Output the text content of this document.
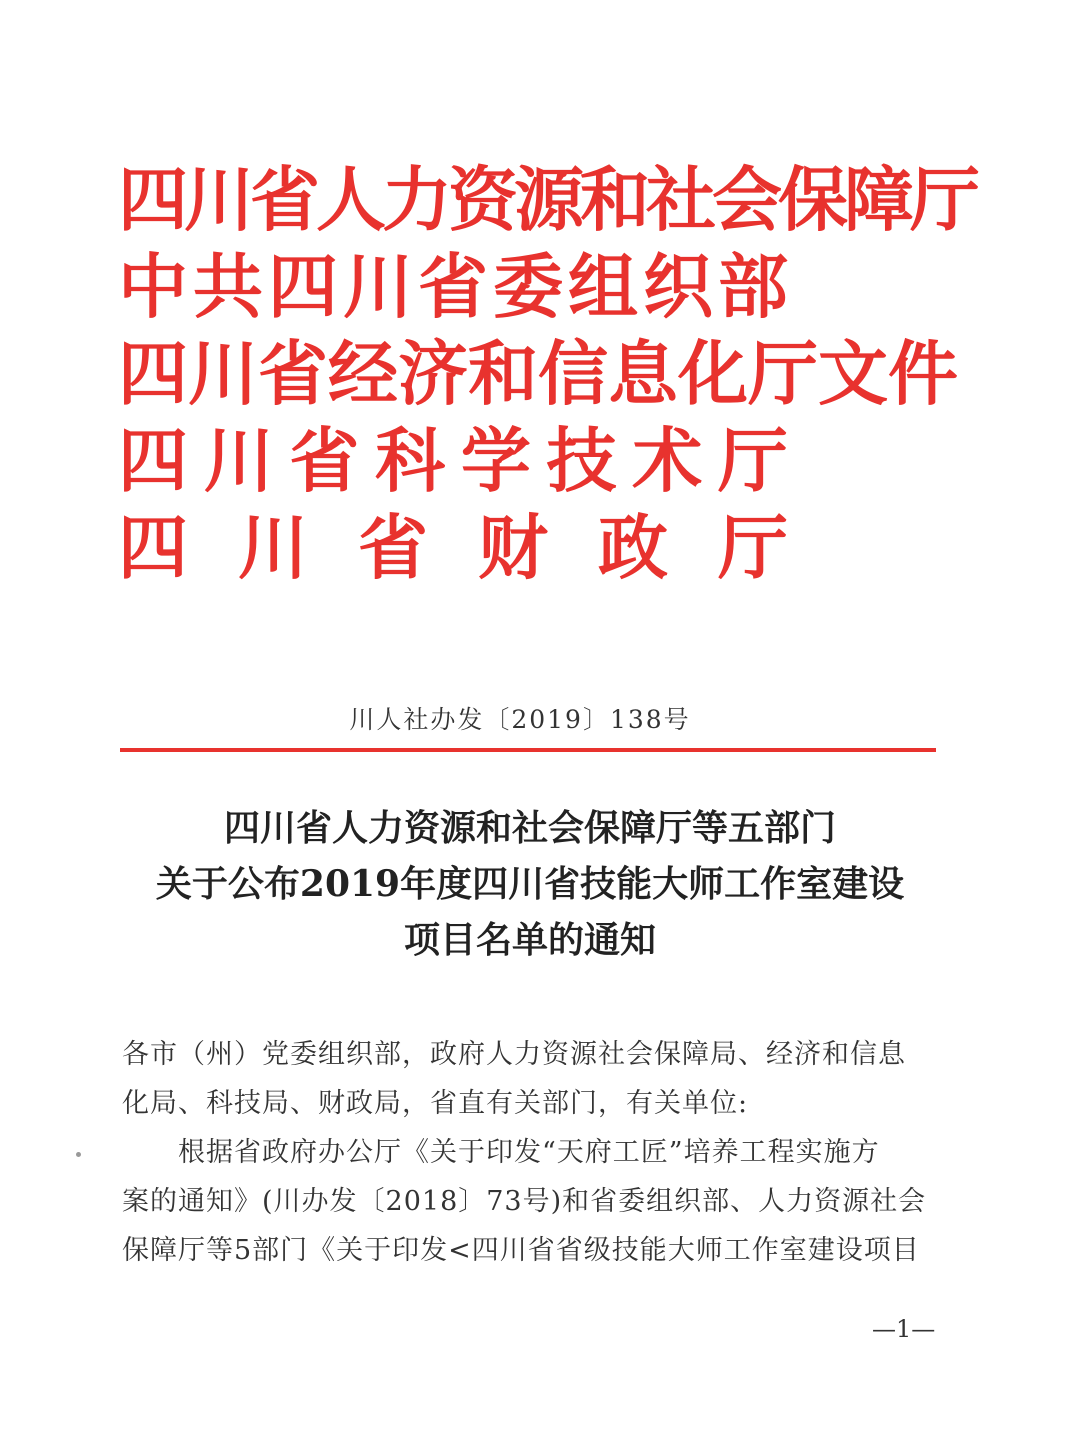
四川省人力资源和社会保障厅
中 共 四 川 省 委 组 织 部
四 川 省 经 济 和 信 息 化 厅 文 件
四 川 省 科 学 技 术 厅
四 川 省 财 政 厅
川人社办发〔2019〕138号
四川省人力资源和社会保障厅等五部门
关于公布2019年度四川省技能大师工作室建设
项目名单的通知

各市（州）党委组织部，政府人力资源社会保障局、经济和信息

化局、科技局、财政局，省直有关部门，有关单位:

根据省政府办公厅《关于印发“天府工匠”培养工程实施方

案的通知》(川办发〔2018〕73号)和省委组织部、人力资源社会

保障厅等5部门《关于印发<四川省省级技能大师工作室建设项目

—1—
